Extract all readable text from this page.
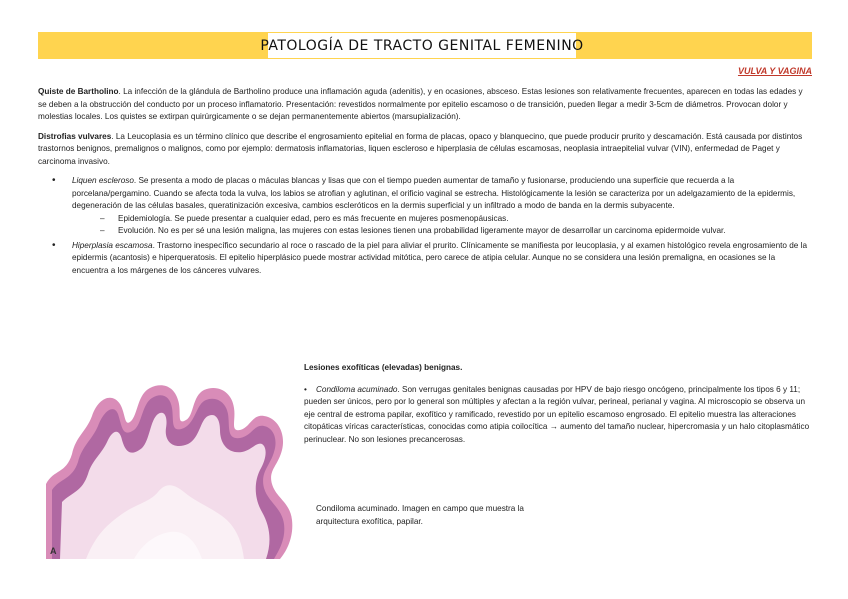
PATOLOGÍA DE TRACTO GENITAL FEMENINO
VULVA Y VAGINA

Quiste de Bartholino. La infección de la glándula de Bartholino produce una inflamación aguda (adenitis), y en ocasiones, absceso. Estas lesiones son relativamente frecuentes, aparecen en todas las edades y se deben a la obstrucción del conducto por un proceso inflamatorio. Presentación: revestidos normalmente por epitelio escamoso o de transición, pueden llegar a medir 3-5cm de diámetros. Provocan dolor y molestias locales. Los quistes se extirpan quirúrgicamente o se dejan permanentemente abiertos (marsupialización).

Distrofias vulvares. La Leucoplasia es un término clínico que describe el engrosamiento epitelial en forma de placas, opaco y blanquecino, que puede producir prurito y descamación. Está causada por distintos trastornos benignos, premalignos o malignos, como por ejemplo: dermatosis inflamatorias, liquen escleroso e hiperplasia de células escamosas, neoplasia intraepitelial vulvar (VIN), enfermedad de Paget y carcinoma invasivo.

• Liquen escleroso. Se presenta a modo de placas o máculas blancas y lisas que con el tiempo pueden aumentar de tamaño y fusionarse, produciendo una superficie que recuerda a la porcelana/pergamino. Cuando se afecta toda la vulva, los labios se atrofian y aglutinan, el orificio vaginal se estrecha. Histológicamente la lesión se caracteriza por un adelgazamiento de la epidermis, degeneración de las células basales, queratinización excesiva, cambios escleróticos en la dermis superficial y un infiltrado a modo de banda en la dermis subyacente.
– Epidemiología. Se puede presentar a cualquier edad, pero es más frecuente en mujeres posmenopáusicas.
– Evolución. No es per sé una lesión maligna, las mujeres con estas lesiones tienen una probabilidad ligeramente mayor de desarrollar un carcinoma epidermoide vulvar.
• Hiperplasia escamosa. Trastorno inespecífico secundario al roce o rascado de la piel para aliviar el prurito. Clínicamente se manifiesta por leucoplasia, y al examen histológico revela engrosamiento de la epidermis (acantosis) e hiperqueratosis. El epitelio hiperplásico puede mostrar actividad mitótica, pero carece de atipia celular. Aunque no se considera una lesión premaligna, en ocasiones se la encuentra a los márgenes de los cánceres vulvares.
A
Lesiones exofíticas (elevadas) benignas.
• Condiloma acuminado. Son verrugas genitales benignas causadas por HPV de bajo riesgo oncógeno, principalmente los tipos 6 y 11; pueden ser únicos, pero por lo general son múltiples y afectan a la región vulvar, perineal, perianal y vagina. Al microscopio se observa un eje central de estroma papilar, exofítico y ramificado, revestido por un epitelio escamoso engrosado. El epitelio muestra las alteraciones citopáticas víricas características, conocidas como atipia coilocítica → aumento del tamaño nuclear, hipercromasia y un halo citoplasmático perinuclear. No son lesiones precancerosas.
Condiloma acuminado. Imagen en campo que muestra la arquitectura exofítica, papilar.
